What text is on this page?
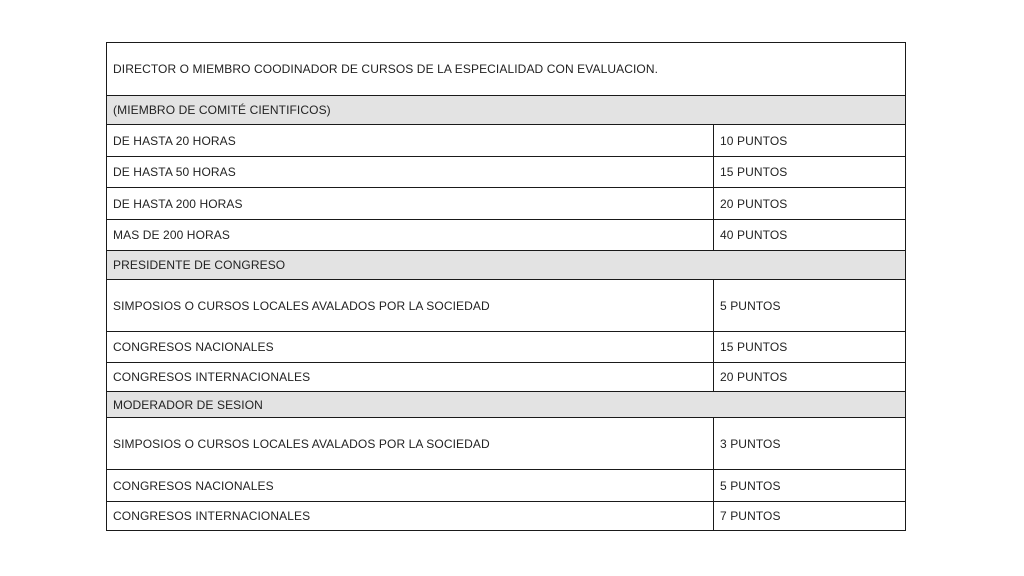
DIRECTOR O MIEMBRO COODINADOR DE CURSOS DE LA ESPECIALIDAD CON EVALUACION.	
(MIEMBRO DE COMITÉ CIENTIFICOS)	
DE HASTA 20 HORAS	10 PUNTOS
DE HASTA 50 HORAS	15 PUNTOS
DE HASTA 200 HORAS	20 PUNTOS
MAS DE 200 HORAS	40 PUNTOS
PRESIDENTE DE CONGRESO	
SIMPOSIOS O CURSOS LOCALES AVALADOS POR LA SOCIEDAD	5 PUNTOS
CONGRESOS NACIONALES	15 PUNTOS
CONGRESOS INTERNACIONALES	20 PUNTOS
MODERADOR DE SESION	
SIMPOSIOS O CURSOS LOCALES AVALADOS POR LA SOCIEDAD	3 PUNTOS
CONGRESOS NACIONALES	5 PUNTOS
CONGRESOS INTERNACIONALES	7 PUNTOS
